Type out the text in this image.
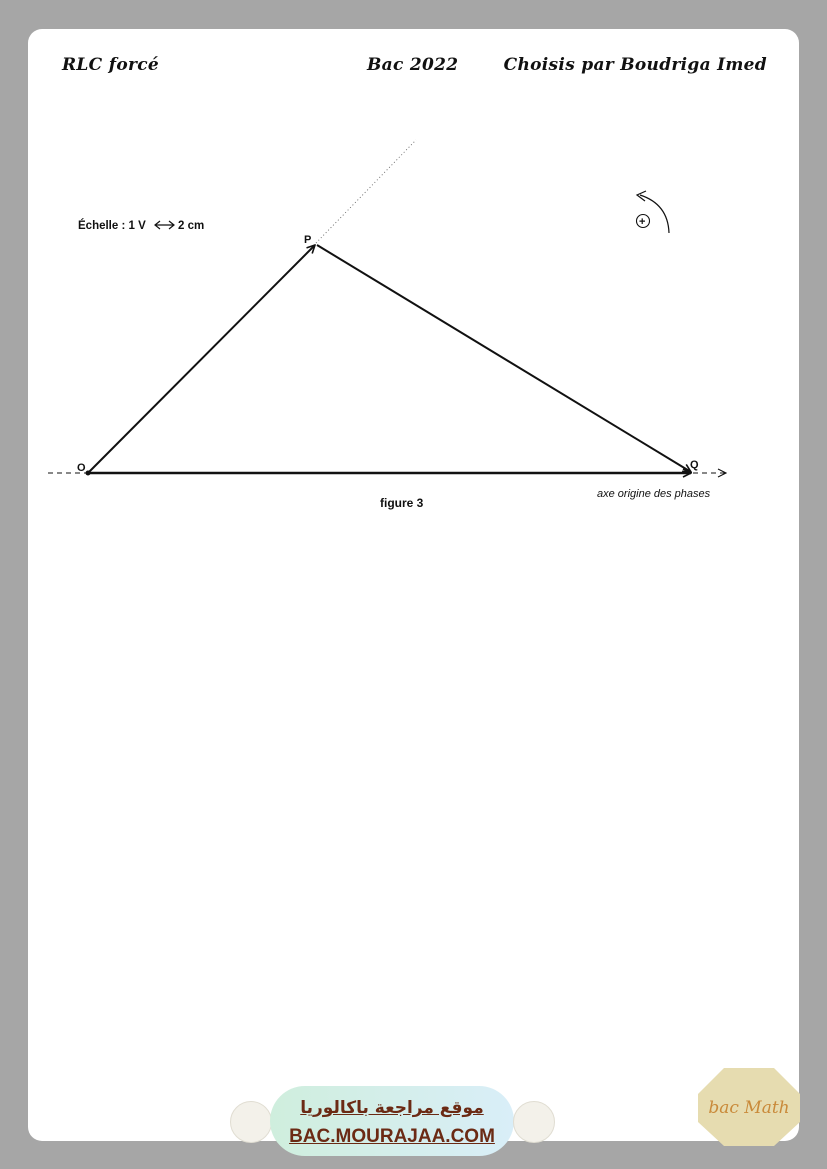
RLC forcé	Bac 2022	Choisis par Boudriga Imed
O
P
Q
Échelle : 1 V	2 cm	+
axe origine des phases
figure 3
موقع مراجعة باكالوريا
BAC.MOURAJAA.COM
bac Math
